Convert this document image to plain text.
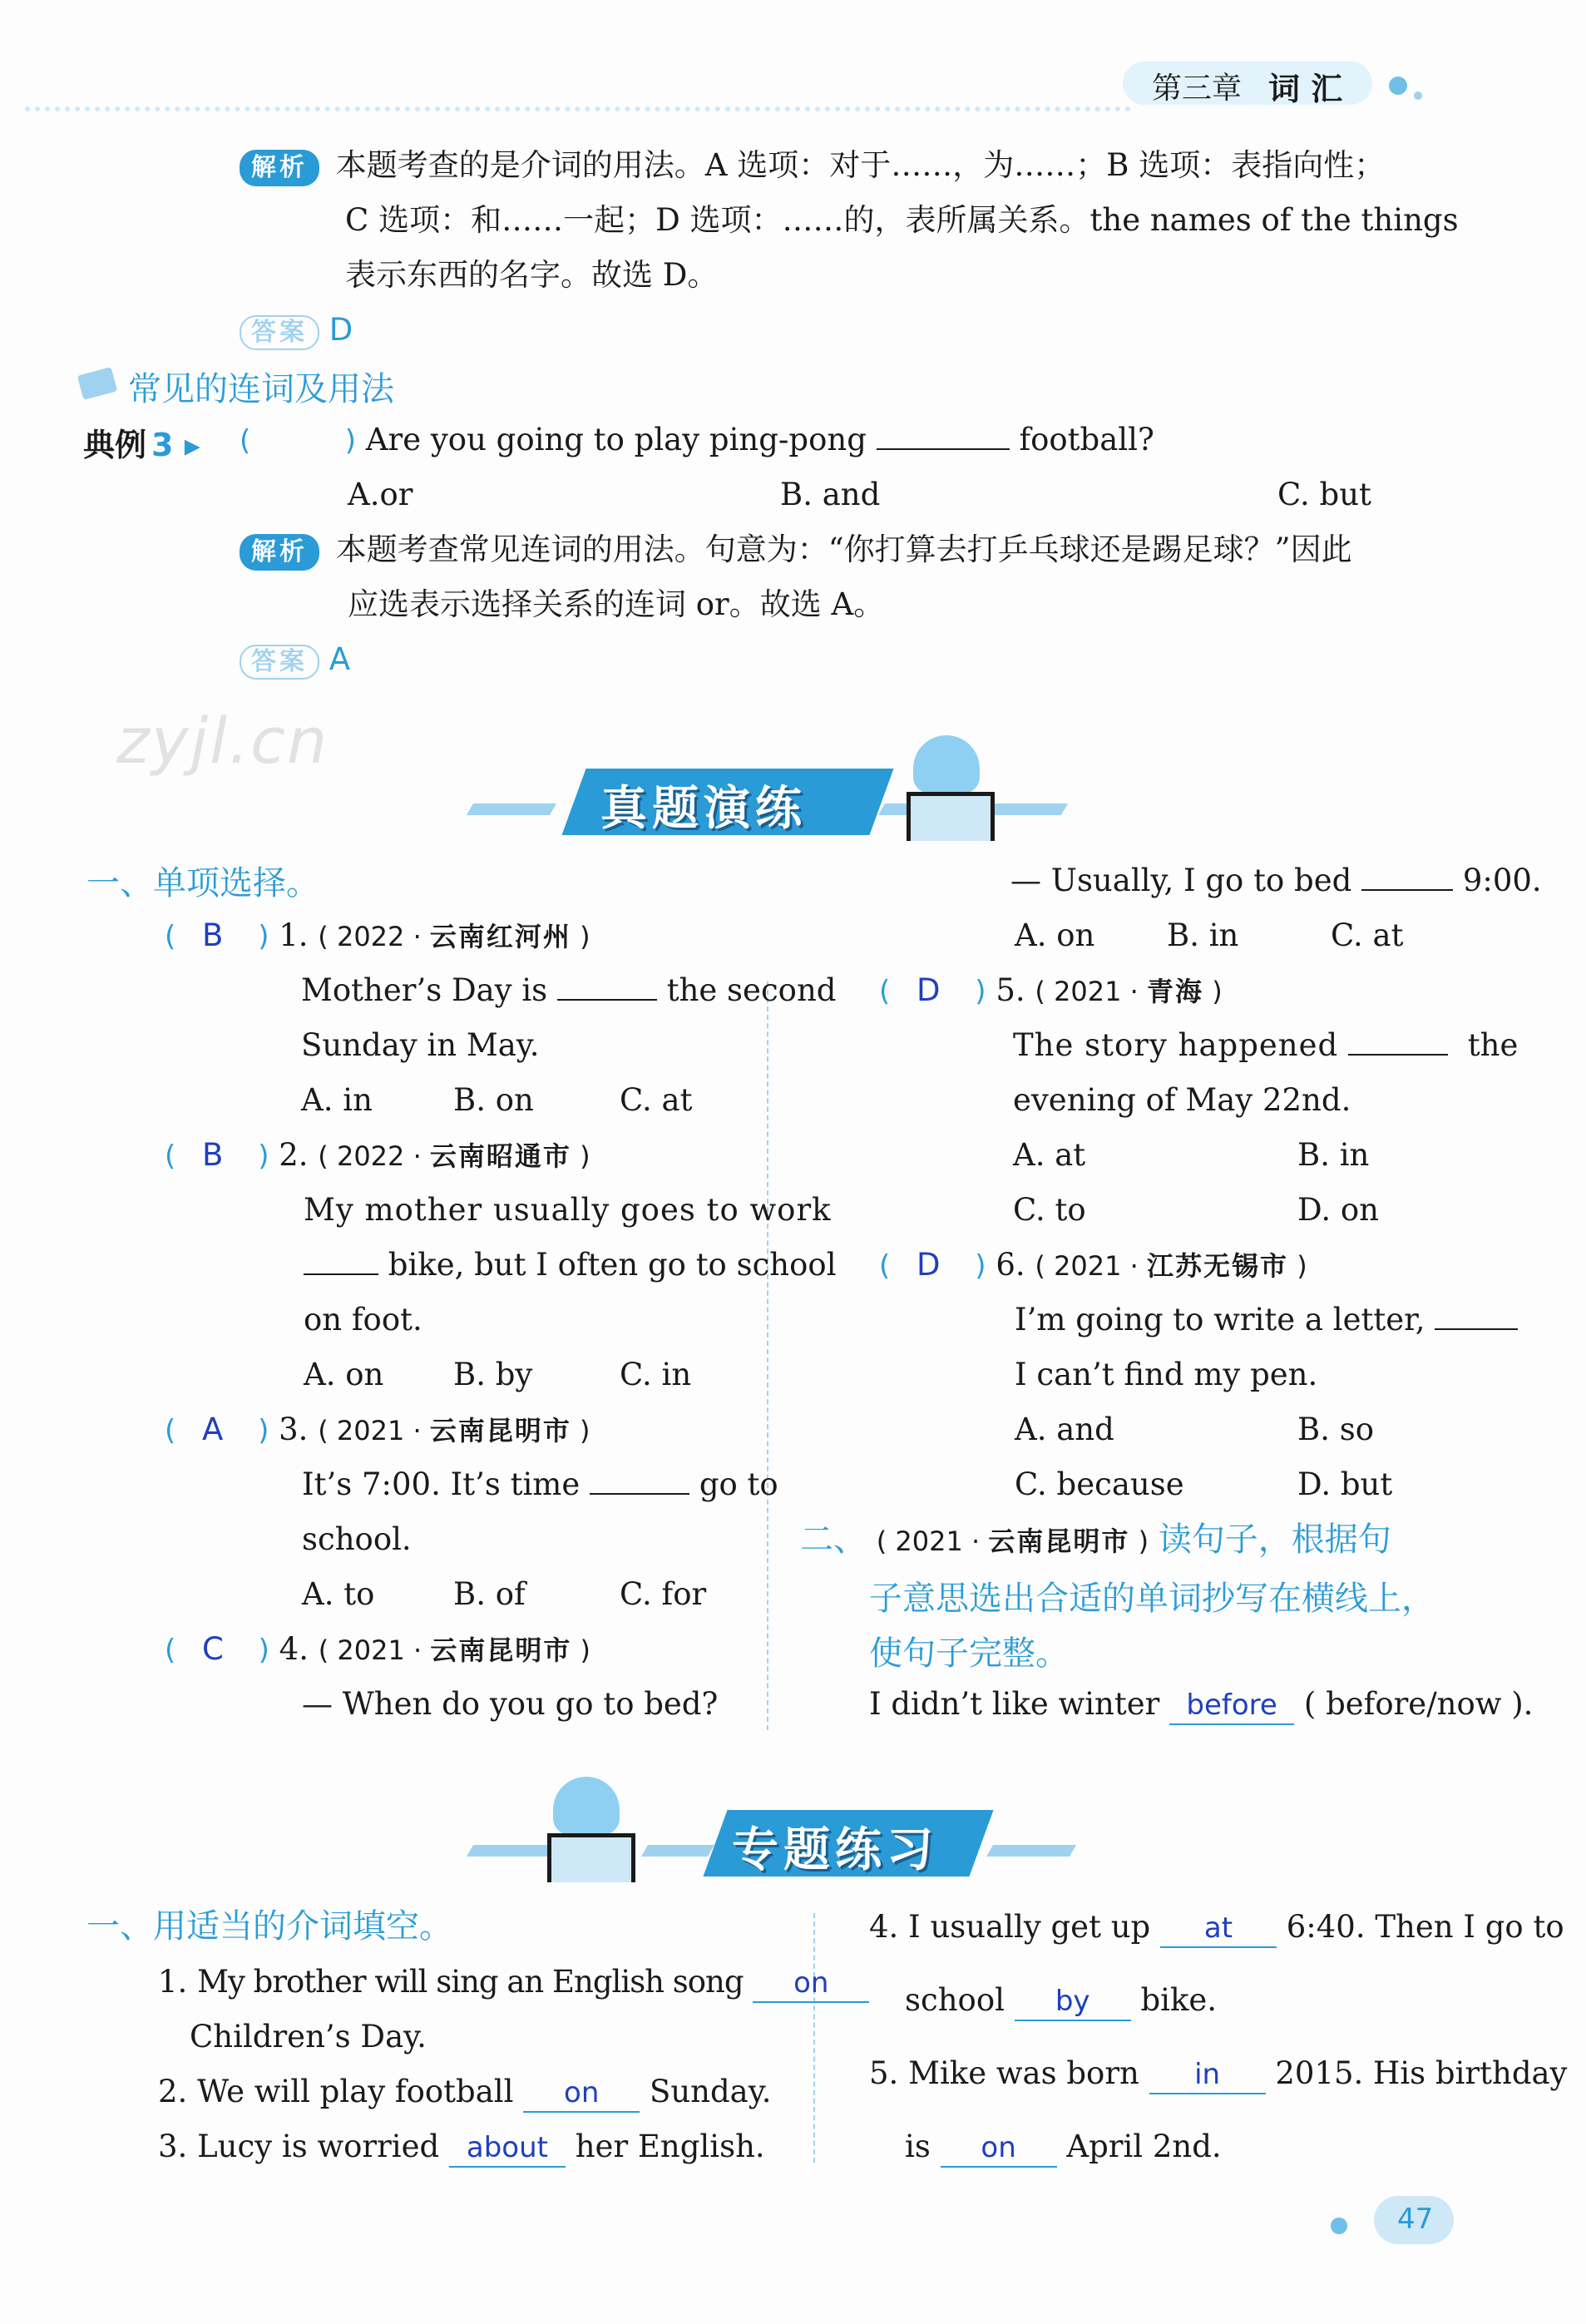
第三章 词 汇
解析 本题考查的是介词的用法。A 选项：对于……，为……；B 选项：表指向性；
C 选项：和……一起；D 选项：……的，表所属关系。the names of the things
表示东西的名字。故选 D。
答案 D
常见的连词及用法
典例 3 ▸ (	) Are you going to play ping-pong	football?
A.or	B. and	C. but
解析 本题考查常见连词的用法。句意为：“你打算去打乒乓球还是踢足球？”因此
应选表示选择关系的连词 or。故选 A。
答案 A
zyjl.cn
真题演练
一、单项选择。
( B ) 1. ( 2022 · 云南红河州 )
Mother’s Day is	the second
Sunday in May.
A. in	B. on	C. at
( B ) 2. ( 2022 · 云南昭通市 )
My mother usually goes to work
bike, but I often go to school
on foot.
A. on B. by	C. in
( A ) 3. ( 2021 · 云南昆明市 )
It’s 7:00. It’s time	go to
school.
A. to	B. of	C. for
( C ) 4. ( 2021 · 云南昆明市 )
— When do you go to bed?
— Usually, I go to bed	9:00.
A. on B. in	C. at
( D ) 5. ( 2021 · 青海 )
The story happened	the
evening of May 22nd.
A. at	B. in
C. to	D. on
( D ) 6. ( 2021 · 江苏无锡市 )
I’m going to write a letter,
I can’t find my pen.
A. and	B. so
C. because	D. but
二、 ( 2021 · 云南昆明市 ) 读句子，根据句
子意思选出合适的单词抄写在横线上，
使句子完整。
I didn’t like winter before ( before/now ).
专题练习
一、用适当的介词填空。
1. My brother will sing an English song on
Children’s Day.
2. We will play football on Sunday.
3. Lucy is worried about her English.
4. I usually get up at 6:40. Then I go to
school by bike.
5. Mike was born in 2015. His birthday
is on April 2nd.
47
